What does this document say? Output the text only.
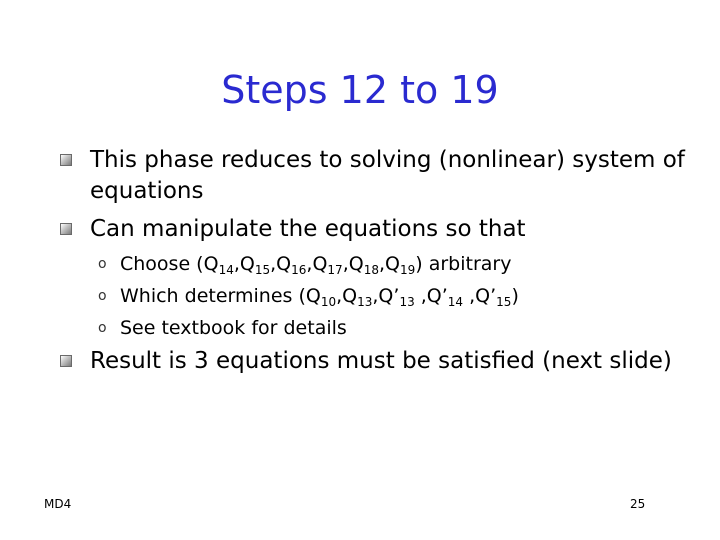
Steps 12 to 19
This phase reduces to solving (nonlinear) system of equations
Can manipulate the equations so that
o Choose $(Q_{14},Q_{15},Q_{16},Q_{17},Q_{18},Q_{19})$ arbitrary
o Which determines ($Q_{10},Q_{13},Q’_{13}$ $,Q’_{14}$ $,Q’_{15}$)
o See textbook for details
Result is 3 equations must be satisfied (next slide)
MD4	25
